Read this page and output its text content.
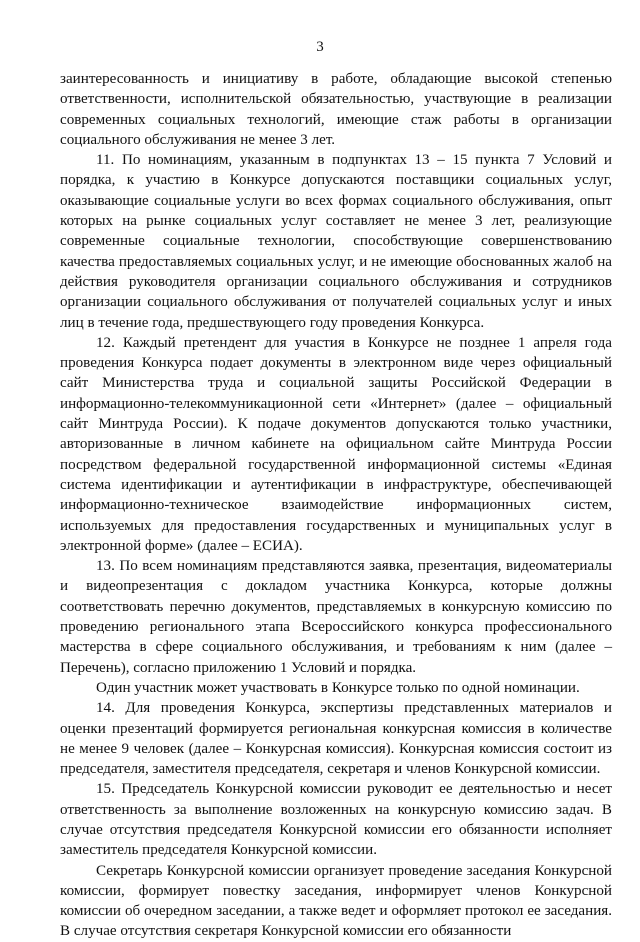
3

заинтересованность и инициативу в работе, обладающие высокой степенью ответственности, исполнительской обязательностью, участвующие в реализации современных социальных технологий, имеющие стаж работы в организации социального обслуживания не менее 3 лет.

11. По номинациям, указанным в подпунктах 13 – 15 пункта 7 Условий и порядка, к участию в Конкурсе допускаются поставщики социальных услуг, оказывающие социальные услуги во всех формах социального обслуживания, опыт которых на рынке социальных услуг составляет не менее 3 лет, реализующие современные социальные технологии, способствующие совершенствованию качества предоставляемых социальных услуг, и не имеющие обоснованных жалоб на действия руководителя организации социального обслуживания и сотрудников организации социального обслуживания от получателей социальных услуг и иных лиц в течение года, предшествующего году проведения Конкурса.

12. Каждый претендент для участия в Конкурсе не позднее 1 апреля года проведения Конкурса подает документы в электронном виде через официальный сайт Министерства труда и социальной защиты Российской Федерации в информационно-телекоммуникационной сети «Интернет» (далее – официальный сайт Минтруда России). К подаче документов допускаются только участники, авторизованные в личном кабинете на официальном сайте Минтруда России посредством федеральной государственной информационной системы «Единая система идентификации и аутентификации в инфраструктуре, обеспечивающей информационно-техническое взаимодействие информационных систем, используемых для предоставления государственных и муниципальных услуг в электронной форме» (далее – ЕСИА).

13. По всем номинациям представляются заявка, презентация, видеоматериалы и видеопрезентация с докладом участника Конкурса, которые должны соответствовать перечню документов, представляемых в конкурсную комиссию по проведению регионального этапа Всероссийского конкурса профессионального мастерства в сфере социального обслуживания, и требованиям к ним (далее – Перечень), согласно приложению 1 Условий и порядка.

Один участник может участвовать в Конкурсе только по одной номинации.

14. Для проведения Конкурса, экспертизы представленных материалов и оценки презентаций формируется региональная конкурсная комиссия в количестве не менее 9 человек (далее – Конкурсная комиссия). Конкурсная комиссия состоит из председателя, заместителя председателя, секретаря и членов Конкурсной комиссии.

15. Председатель Конкурсной комиссии руководит ее деятельностью и несет ответственность за выполнение возложенных на конкурсную комиссию задач. В случае отсутствия председателя Конкурсной комиссии его обязанности исполняет заместитель председателя Конкурсной комиссии.

Секретарь Конкурсной комиссии организует проведение заседания Конкурсной комиссии, формирует повестку заседания, информирует членов Конкурсной комиссии об очередном заседании, а также ведет и оформляет протокол ее заседания. В случае отсутствия секретаря Конкурсной комиссии его обязанности
